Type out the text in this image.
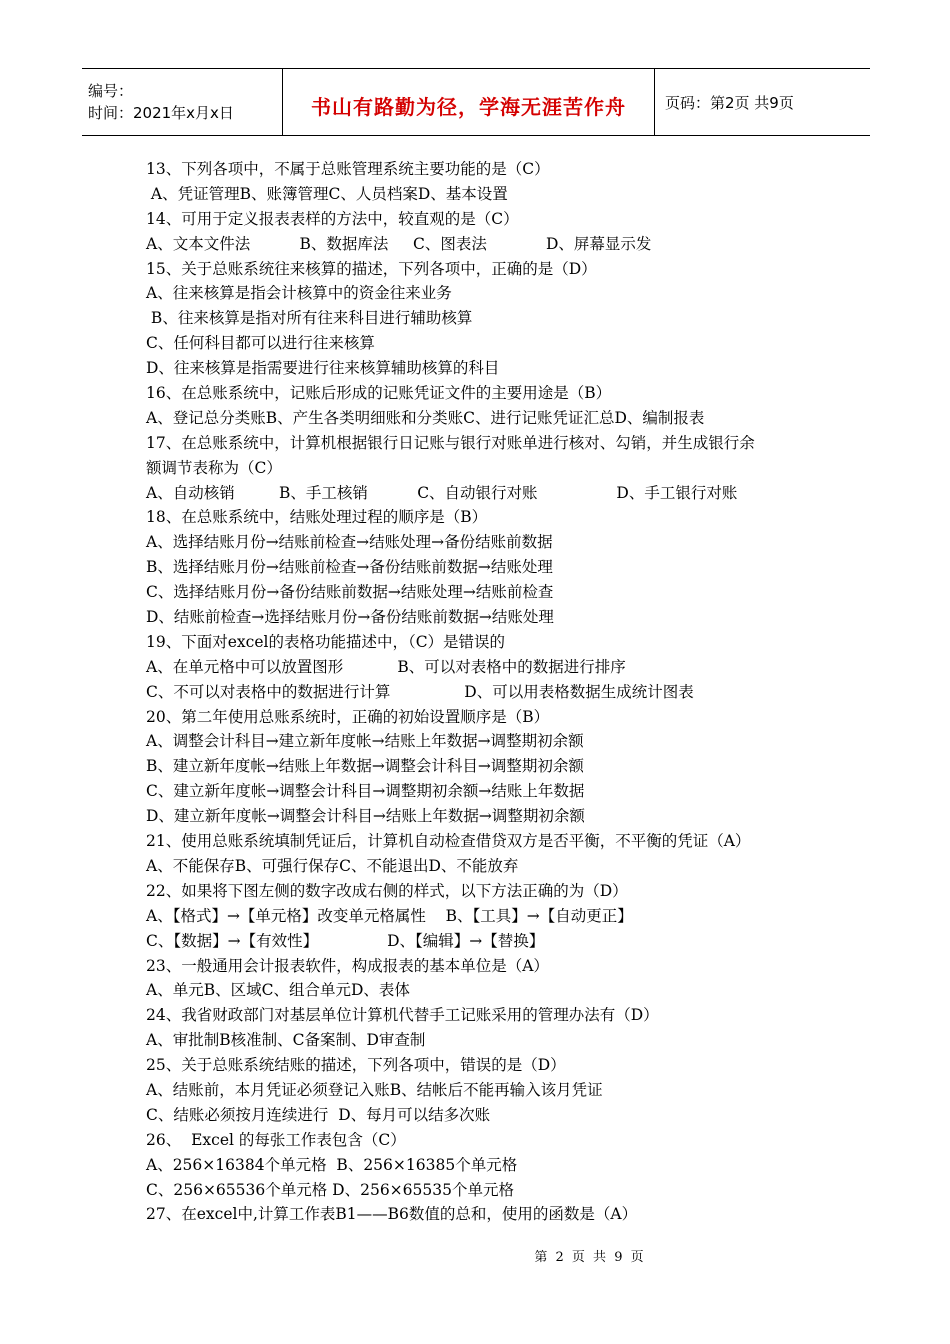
编号：
时间：2021年x月x日	书山有路勤为径，学海无涯苦作舟	页码：第2页 共9页
13、下列各项中，不属于总账管理系统主要功能的是（C）
A、凭证管理B、账簿管理C、人员档案D、基本设置
14、可用于定义报表表样的方法中，较直观的是（C）
A、文本文件法          B、数据库法     C、图表法            D、屏幕显示发
15、关于总账系统往来核算的描述，下列各项中，正确的是（D）
A、往来核算是指会计核算中的资金往来业务
B、往来核算是指对所有往来科目进行辅助核算
C、任何科目都可以进行往来核算
D、往来核算是指需要进行往来核算辅助核算的科目
16、在总账系统中，记账后形成的记账凭证文件的主要用途是（B）
A、登记总分类账B、产生各类明细账和分类账C、进行记账凭证汇总D、编制报表
17、在总账系统中，计算机根据银行日记账与银行对账单进行核对、勾销，并生成银行余
额调节表称为（C）
A、自动核销         B、手工核销          C、自动银行对账                D、手工银行对账
18、在总账系统中，结账处理过程的顺序是（B）
A、选择结账月份→结账前检查→结账处理→备份结账前数据
B、选择结账月份→结账前检查→备份结账前数据→结账处理
C、选择结账月份→备份结账前数据→结账处理→结账前检查
D、结账前检查→选择结账月份→备份结账前数据→结账处理
19、下面对excel的表格功能描述中，（C）是错误的
A、在单元格中可以放置图形           B、可以对表格中的数据进行排序
C、不可以对表格中的数据进行计算               D、可以用表格数据生成统计图表
20、第二年使用总账系统时，正确的初始设置顺序是（B）
A、调整会计科目→建立新年度帐→结账上年数据→调整期初余额
B、建立新年度帐→结账上年数据→调整会计科目→调整期初余额
C、建立新年度帐→调整会计科目→调整期初余额→结账上年数据
D、建立新年度帐→调整会计科目→结账上年数据→调整期初余额
21、使用总账系统填制凭证后，计算机自动检查借贷双方是否平衡，不平衡的凭证（A）
A、不能保存B、可强行保存C、不能退出D、不能放弃
22、如果将下图左侧的数字改成右侧的样式，以下方法正确的为（D）
A、【格式】→【单元格】改变单元格属性    B、【工具】→【自动更正】
C、【数据】→【有效性】              D、【编辑】→【替换】
23、一般通用会计报表软件，构成报表的基本单位是（A）
A、单元B、区域C、组合单元D、表体
24、我省财政部门对基层单位计算机代替手工记账采用的管理办法有（D）
A、审批制B核准制、C备案制、D审查制
25、关于总账系统结账的描述，下列各项中，错误的是（D）
A、结账前，本月凭证必须登记入账B、结帐后不能再输入该月凭证
C、结账必须按月连续进行  D、每月可以结多次账
26、  Excel 的每张工作表包含（C）
A、256×16384个单元格  B、256×16385个单元格
C、256×65536个单元格 D、256×65535个单元格
27、在excel中,计算工作表B1——B6数值的总和，使用的函数是（A）
第 2 页 共 9 页
